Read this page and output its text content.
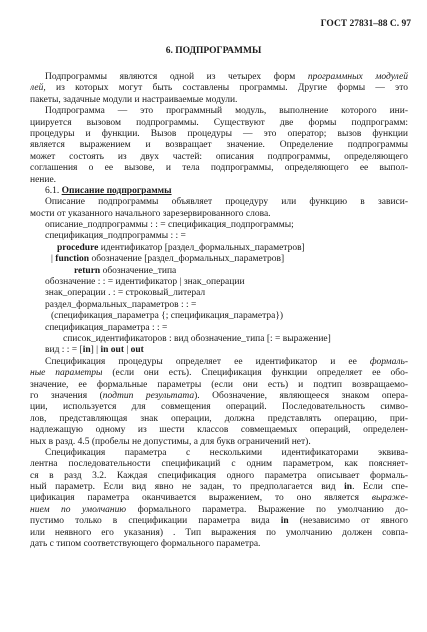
ГОСТ 27831–88 С. 97
6. ПОДПРОГРАММЫ
Подпрограммы являются одной из четырех форм программных модулей
лей, из которых могут быть составлены программы. Другие формы — это
пакеты, задачные модули и настраиваемые модули.
Подпрограмма — это программный модуль, выполнение которого ини-
циируется вызовом подпрограммы. Существуют две формы подпрограмм:
процедуры и функции. Вызов процедуры — это оператор; вызов функции
является выражением и возвращает значение. Определение подпрограммы
может состоять из двух частей: описания подпрограммы, определяющего
соглашения о ее вызове, и тела подпрограммы, определяющего ее выпол-
нение.
6.1. Описание подпрограммы
Описание подпрограммы объявляет процедуру или функцию в зависи-
мости от указанного начального зарезервированного слова.
описание_подпрограммы : : = спецификация_подпрограммы;
спецификация_подпрограммы : : =
procedure идентификатор [раздел_формальных_параметров]
| function обозначение [раздел_формальных_параметров]
return обозначение_типа
обозначение : : = идентификатор | знак_операции
знак_операции . : = строковый_литерал
раздел_формальных_параметров : : =
(спецификация_параметра {; спецификация_параметра})
спецификация_параметра : : =
список_идентификаторов : вид обозначение_типа [: = выражение]
вид : : = [in] | in out | out
Спецификация процедуры определяет ее идентификатор и ее формаль-
ные параметры (если они есть). Спецификация функции определяет ее обо-
значение, ее формальные параметры (если они есть) и подтип возвращаемо-
го значения (подтип результата). Обозначение, являющееся знаком опера-
ции, используется для совмещения операций. Последовательность симво-
лов, представляющая знак операции, должна представлять операцию, при-
надлежащую одному из шести классов совмещаемых операций, определен-
ных в разд. 4.5 (пробелы не допустимы, а для букв ограничений нет).
Спецификация параметра с несколькими идентификаторами эквива-
лентна последовательности спецификаций с одним параметром, как поясняет-
ся в разд 3.2. Каждая спецификация одного параметра описывает формаль-
ный параметр. Если вид явно не задан, то предполагается вид in. Если спе-
цификация параметра оканчивается выражением, то оно является выраже-
нием по умолчанию формального параметра. Выражение по умолчанию до-
пустимо только в спецификации параметра вида in (независимо от явного
или неявного его указания) . Тип выражения по умолчанию должен совпа-
дать с типом соответствующего формального параметра.
